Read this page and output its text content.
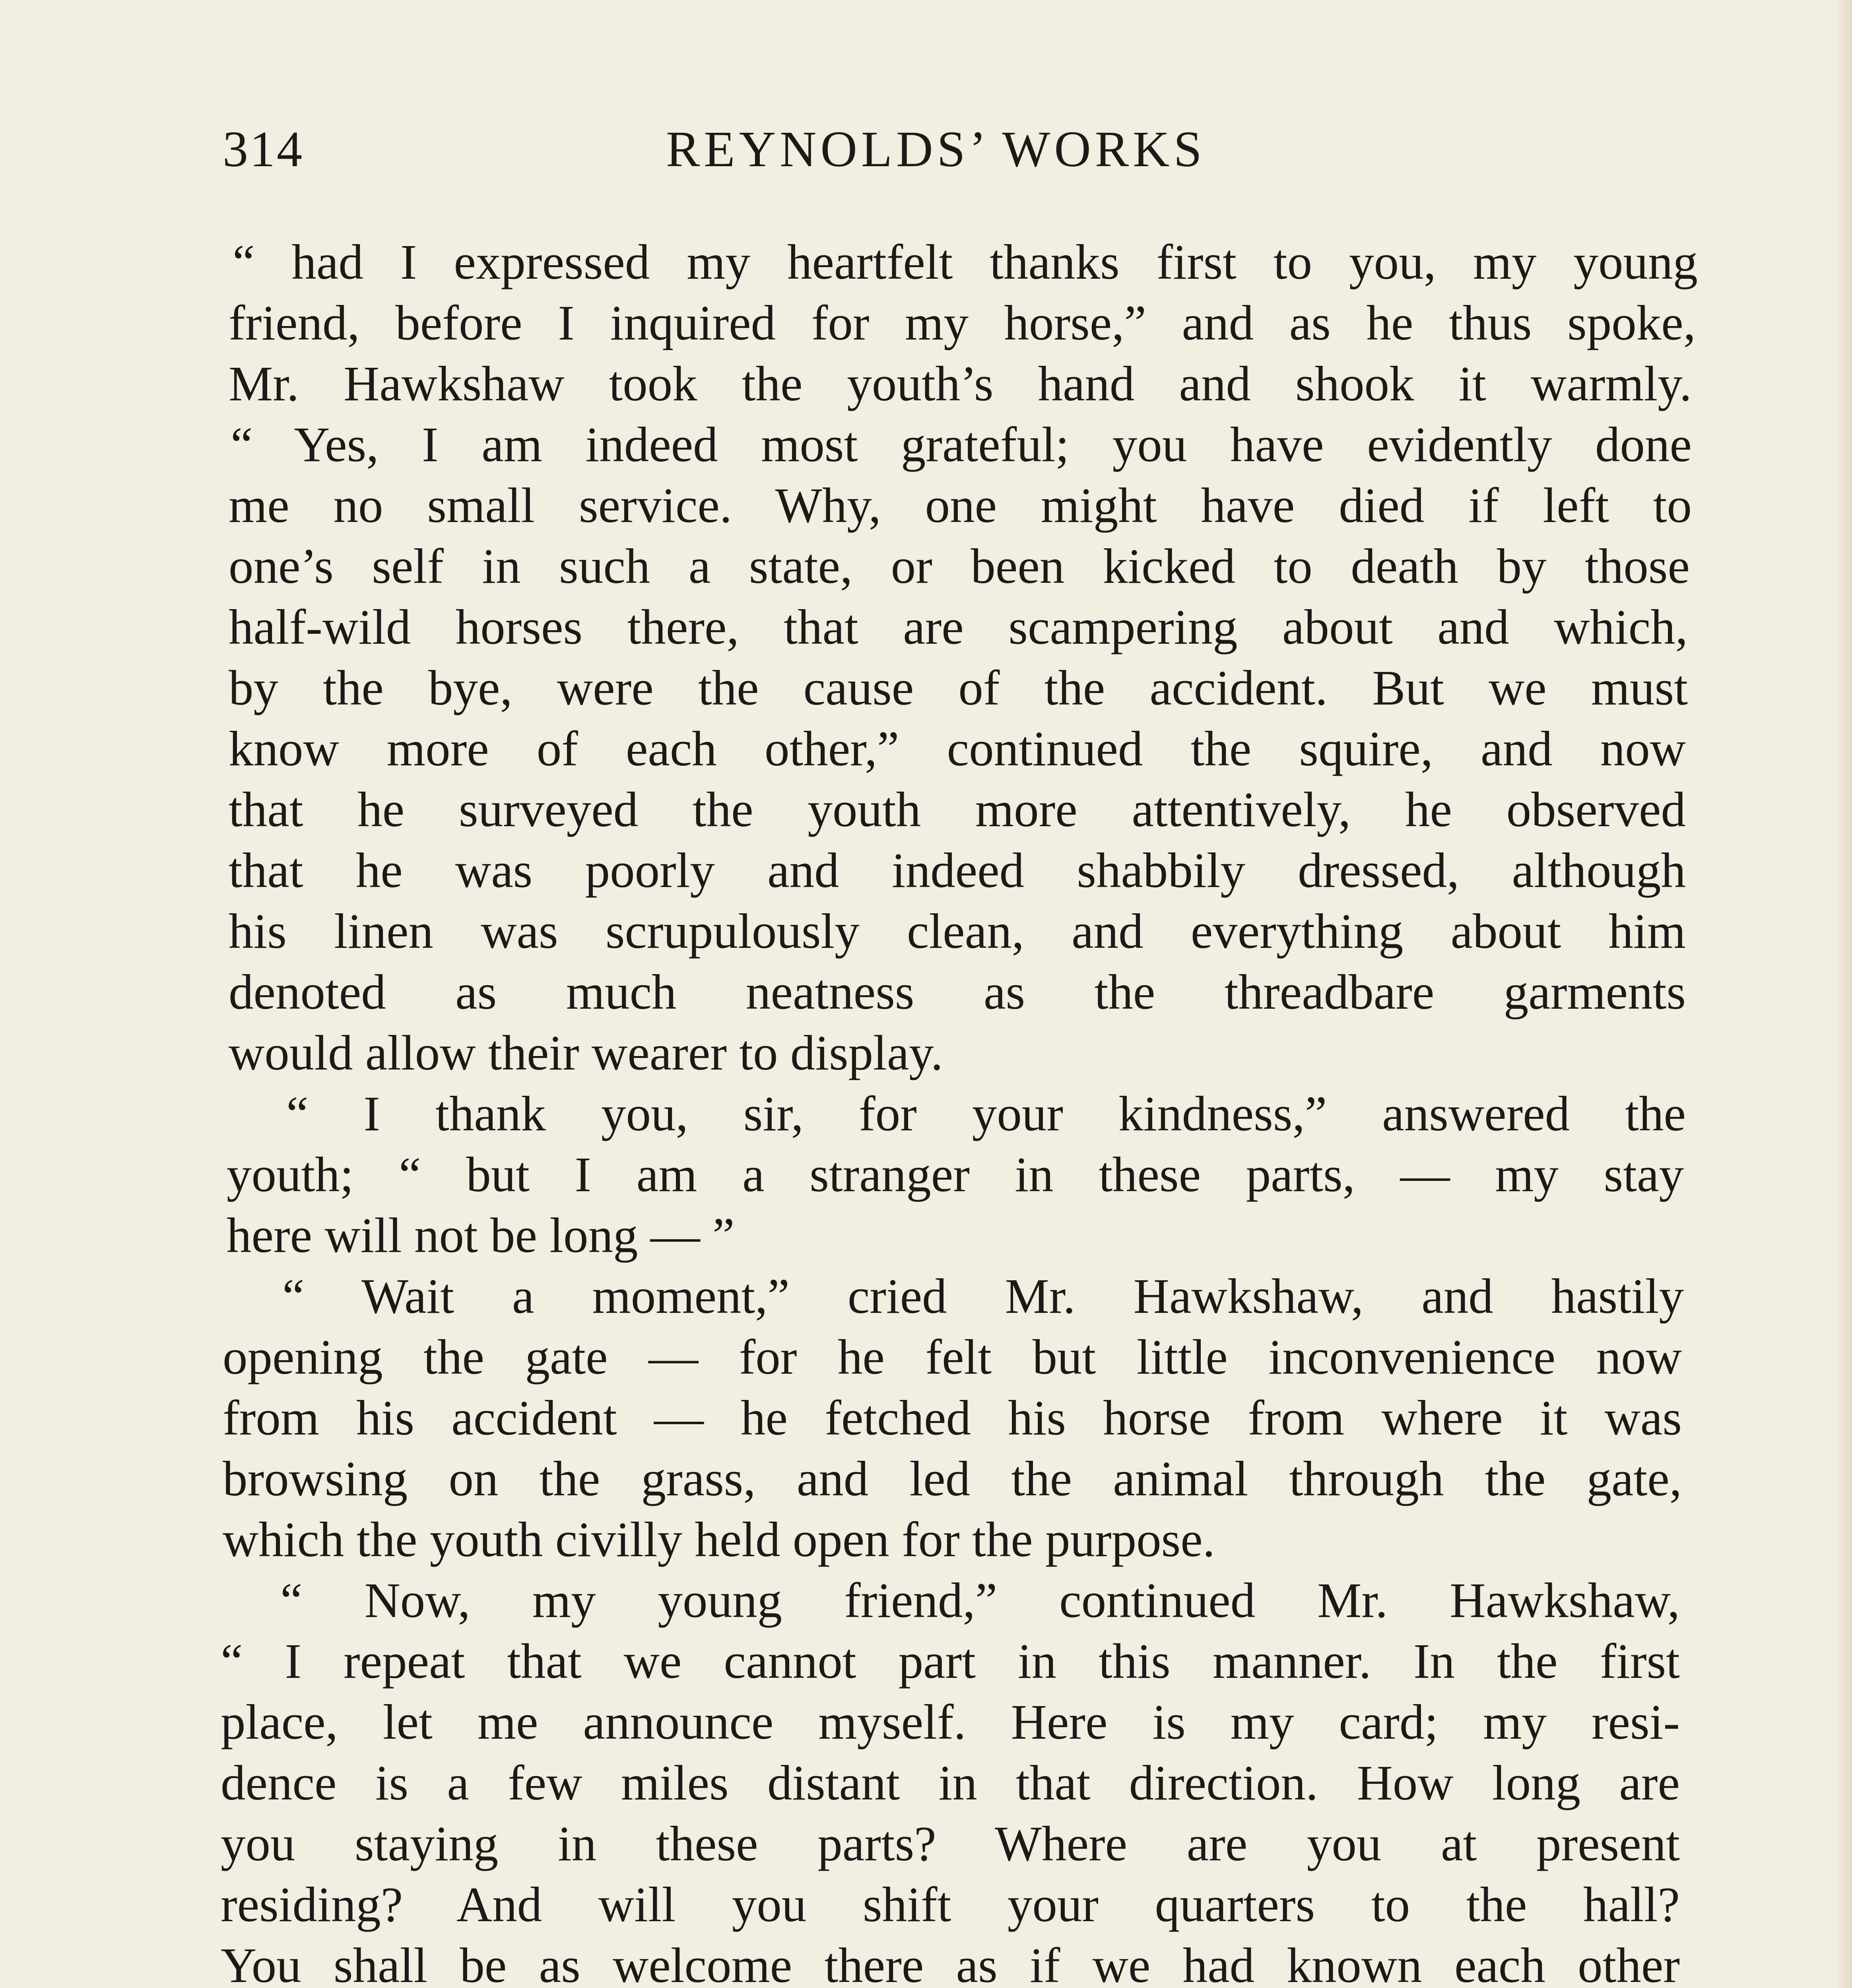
314	REYNOLDS’ WORKS
“ had I expressed my heartfelt thanks first to you, my young
friend, before I inquired for my horse,” and as he thus spoke,
Mr. Hawkshaw took the youth’s hand and shook it warmly.
“ Yes, I am indeed most grateful; you have evidently done
me no small service. Why, one might have died if left to
one’s self in such a state, or been kicked to death by those
half-wild horses there, that are scampering about and which,
by the bye, were the cause of the accident. But we must
know more of each other,” continued the squire, and now
that he surveyed the youth more attentively, he observed
that he was poorly and indeed shabbily dressed, although
his linen was scrupulously clean, and everything about him
denoted as much neatness as the threadbare garments
would allow their wearer to display.
“ I thank you, sir, for your kindness,” answered the
youth; “ but I am a stranger in these parts, — my stay
here will not be long — ”
“ Wait a moment,” cried Mr. Hawkshaw, and hastily
opening the gate — for he felt but little inconvenience now
from his accident — he fetched his horse from where it was
browsing on the grass, and led the animal through the gate,
which the youth civilly held open for the purpose.
“ Now, my young friend,” continued Mr. Hawkshaw,
“ I repeat that we cannot part in this manner. In the first
place, let me announce myself. Here is my card; my resi-
dence is a few miles distant in that direction. How long are
you staying in these parts? Where are you at present
residing? And will you shift your quarters to the hall?
You shall be as welcome there as if we had known each other
